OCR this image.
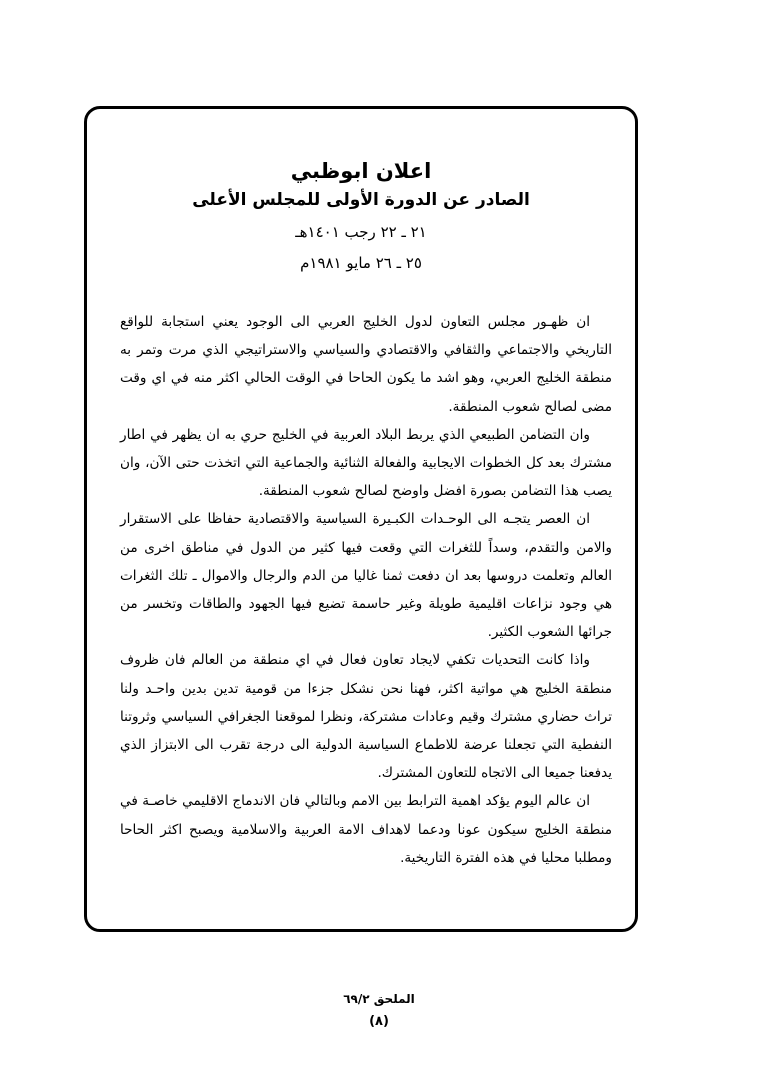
اعلان ابوظبي
الصادر عن الدورة الأولى للمجلس الأعلى
٢١ ـ ٢٢ رجب ١٤٠١هـ
٢٥ ـ ٢٦ مايو ١٩٨١م

ان ظهـور مجلس التعاون لدول الخليج العربي الى الوجود يعني استجابة للواقع التاريخي والاجتماعي والثقافي والاقتصادي والسياسي والاستراتيجي الذي مرت وتمر به منطقة الخليج العربي، وهو اشد ما يكون الحاحا في الوقت الحالي اكثر منه في اي وقت مضى لصالح شعوب المنطقة.

وان التضامن الطبيعي الذي يربط البلاد العربية في الخليج حري به ان يظهر في اطار مشترك بعد كل الخطوات الايجابية والفعالة الثنائية والجماعية التي اتخذت حتى الآن، وان يصب هذا التضامن بصورة افضل واوضح لصالح شعوب المنطقة.

ان العصر يتجـه الى الوحـدات الكبـيرة السياسية والاقتصادية حفاظا على الاستقرار والامن والتقدم، وسداً للثغرات التي وقعت فيها كثير من الدول في مناطق اخرى من العالم وتعلمت دروسها بعد ان دفعت ثمنا غاليا من الدم والرجال والاموال ـ تلك الثغرات هي وجود نزاعات اقليمية طويلة وغير حاسمة تضيع فيها الجهود والطاقات وتخسر من جرائها الشعوب الكثير.

واذا كانت التحديات تكفي لايجاد تعاون فعال في اي منطقة من العالم فان ظروف منطقة الخليج هي مواتية اكثر، فهنا نحن نشكل جزءا من قومية تدين بدين واحـد ولنا تراث حضاري مشترك وقيم وعادات مشتركة، ونظرا لموقعنا الجغرافي السياسي وثروتنا النفطية التي تجعلنا عرضة للاطماع السياسية الدولية الى درجة تقرب الى الابتزاز الذي يدفعنا جميعا الى الاتجاه للتعاون المشترك.

ان عالم اليوم يؤكد اهمية الترابط بين الامم وبالتالي فان الاندماج الاقليمي خاصـة في منطقة الخليج سيكون عونا ودعما لاهداف الامة العربية والاسلامية ويصبح اكثر الحاحا ومطلبا محليا في هذه الفترة التاريخية.

الملحق ٦٩/٢
(٨)
